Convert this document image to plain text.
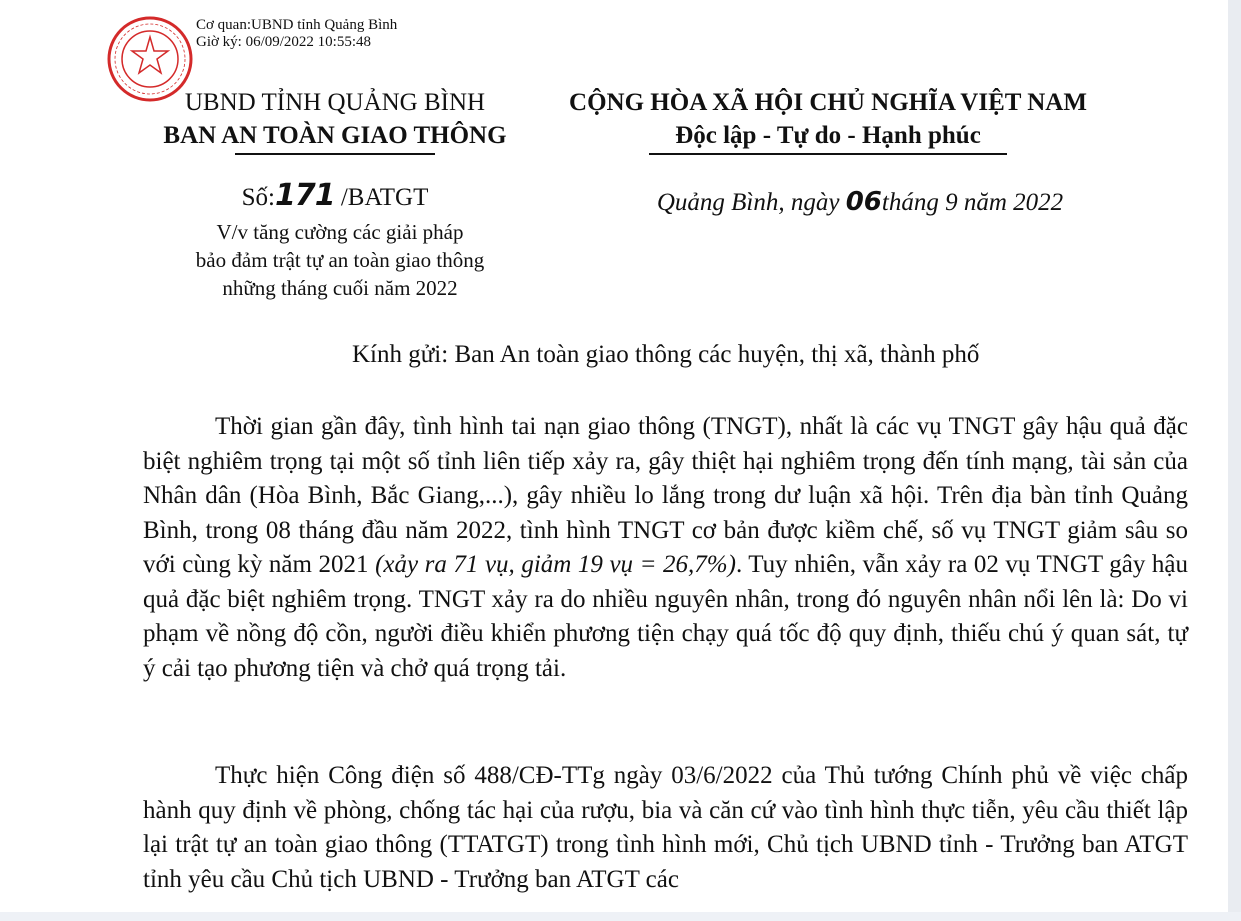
Cơ quan:UBND tỉnh Quảng Bình
Giờ ký: 06/09/2022 10:55:48
UBND TỈNH QUẢNG BÌNH
BAN AN TOÀN GIAO THÔNG
CỘNG HÒA XÃ HỘI CHỦ NGHĨA VIỆT NAM
Độc lập - Tự do - Hạnh phúc
Số:171 /BATGT
V/v tăng cường các giải pháp
bảo đảm trật tự an toàn giao thông
những tháng cuối năm 2022
Quảng Bình, ngày 06tháng 9 năm 2022
Kính gửi: Ban An toàn giao thông các huyện, thị xã, thành phố

Thời gian gần đây, tình hình tai nạn giao thông (TNGT), nhất là các vụ TNGT gây hậu quả đặc biệt nghiêm trọng tại một số tỉnh liên tiếp xảy ra, gây thiệt hại nghiêm trọng đến tính mạng, tài sản của Nhân dân (Hòa Bình, Bắc Giang,...), gây nhiều lo lắng trong dư luận xã hội. Trên địa bàn tỉnh Quảng Bình, trong 08 tháng đầu năm 2022, tình hình TNGT cơ bản được kiềm chế, số vụ TNGT giảm sâu so với cùng kỳ năm 2021 (xảy ra 71 vụ, giảm 19 vụ = 26,7%). Tuy nhiên, vẫn xảy ra 02 vụ TNGT gây hậu quả đặc biệt nghiêm trọng. TNGT xảy ra do nhiều nguyên nhân, trong đó nguyên nhân nổi lên là: Do vi phạm về nồng độ cồn, người điều khiển phương tiện chạy quá tốc độ quy định, thiếu chú ý quan sát, tự ý cải tạo phương tiện và chở quá trọng tải.

Thực hiện Công điện số 488/CĐ-TTg ngày 03/6/2022 của Thủ tướng Chính phủ về việc chấp hành quy định về phòng, chống tác hại của rượu, bia và căn cứ vào tình hình thực tiễn, yêu cầu thiết lập lại trật tự an toàn giao thông (TTATGT) trong tình hình mới, Chủ tịch UBND tỉnh - Trưởng ban ATGT tỉnh yêu cầu Chủ tịch UBND - Trưởng ban ATGT các
